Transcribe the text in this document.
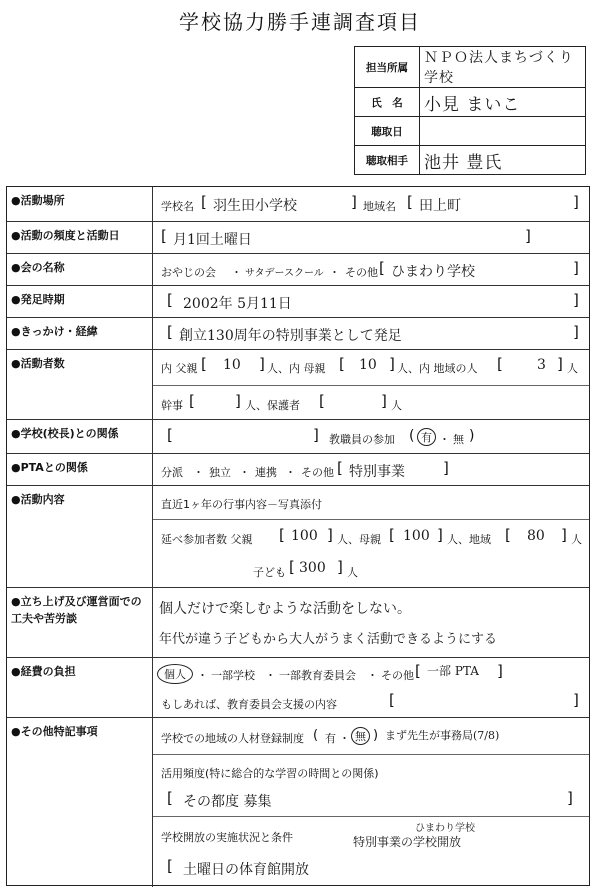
学校協力勝手連調査項目
担当所属	ＮＰＯ法人まちづくり学校
氏　名	小見 まいこ
聴取日	
聴取相手	池井 豊氏
●活動場所	学校名 [ 羽生田小学校	] 地域名 [ 田上町	]
●活動の頻度と活動日	[ 月1回土曜日	]
●会の名称	おやじの会 ・ サタデースクール ・ その他 [ ひまわり学校	]
●発足時期	[ 2002年 5月11日	]
●きっかけ・経緯	[ 創立130周年の特別事業として発足	]
●活動者数	内 父親 [ 10 ] 人、内 母親 [ 10 ] 人、内 地域の人 [ 3 ] 人
幹事 [	] 人、保護者 [	] 人
●学校(校長)との関係	[	] 教職員の参加 ( 有 ・ 無 )
●PTAとの関係	分派 ・ 独立 ・ 連携 ・ その他 [ 特別事業	]
●活動内容	直近1ヶ年の行事内容－写真添付
延べ参加者数 父親 [ 100 ] 人、母親 [ 100 ] 人、地域 [ 80 ] 人
子ども [ 300 ] 人
●立ち上げ及び運営面での工夫や苦労談
個人だけで楽しむような活動をしない。
年代が違う子どもから大人がうまく活動できるようにする
●経費の負担	個人	・ 一部学校 ・ 一部教育委員会 ・ その他 [ 一部 PTA ]
もしあれば、教育委員会支援の内容	[	]
●その他特記事項
学校での地域の人材登録制度 ( 有 ・ 無 ) まず先生が事務局(7/8)
活用頻度(特に総合的な学習の時間との関係)
[ その都度 募集	]
学校開放の実施状況と条件
ひまわり学校
特別事業の学校開放
[ 土曜日の体育館開放
